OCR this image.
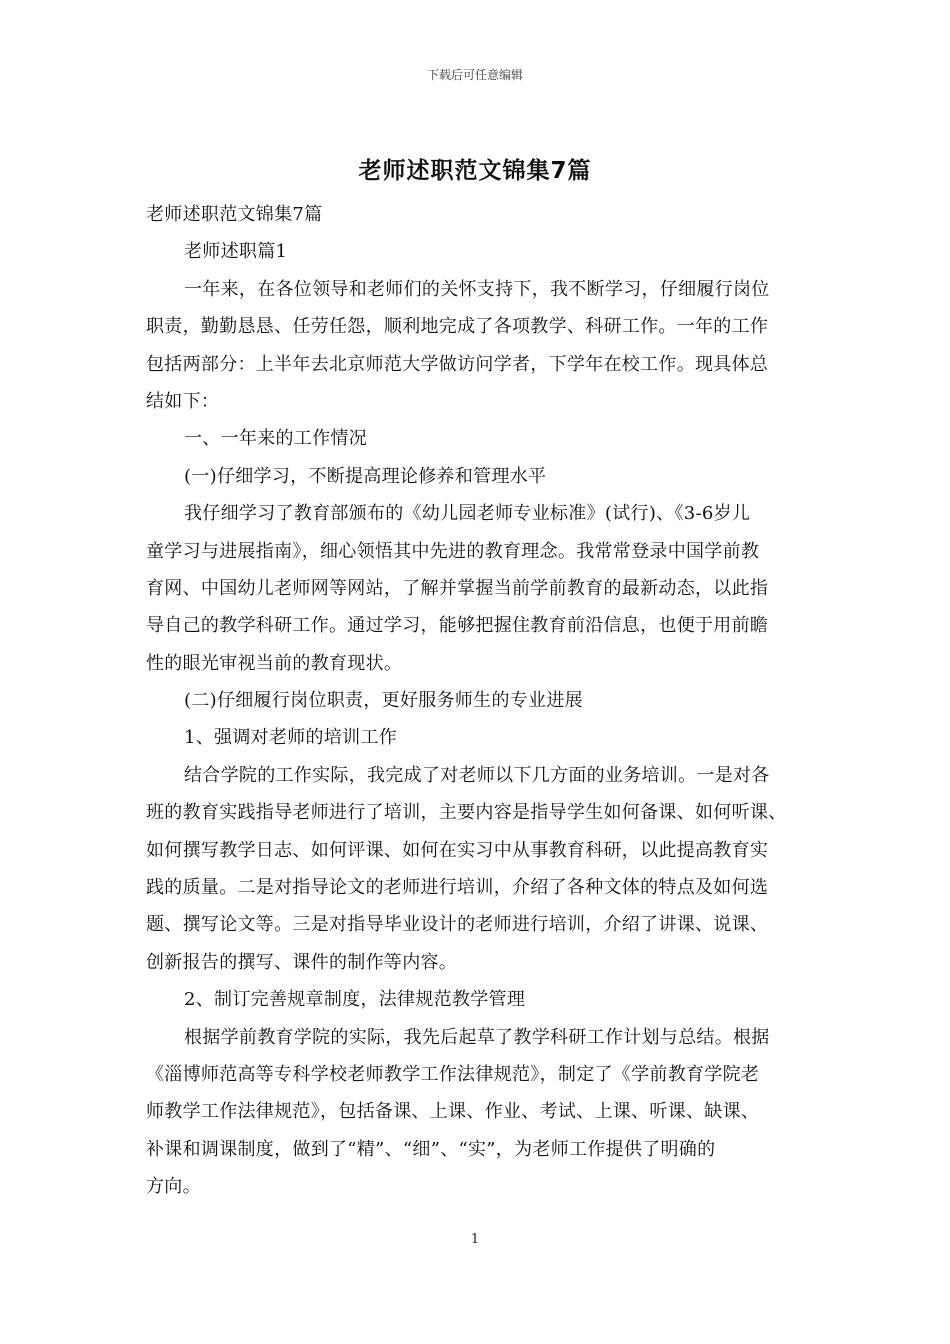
下载后可任意编辑
老师述职范文锦集7篇
老师述职范文锦集7篇
老师述职篇1
一年来，在各位领导和老师们的关怀支持下，我不断学习，仔细履行岗位
职责，勤勤恳恳、任劳任怨，顺利地完成了各项教学、科研工作。一年的工作
包括两部分：上半年去北京师范大学做访问学者，下学年在校工作。现具体总
结如下：
一、一年来的工作情况
(一)仔细学习，不断提高理论修养和管理水平
我仔细学习了教育部颁布的《幼儿园老师专业标准》(试行)、《3-6岁儿
童学习与进展指南》，细心领悟其中先进的教育理念。我常常登录中国学前教
育网、中国幼儿老师网等网站，了解并掌握当前学前教育的最新动态，以此指
导自己的教学科研工作。通过学习，能够把握住教育前沿信息，也便于用前瞻
性的眼光审视当前的教育现状。
(二)仔细履行岗位职责，更好服务师生的专业进展
1、强调对老师的培训工作
结合学院的工作实际，我完成了对老师以下几方面的业务培训。一是对各
班的教育实践指导老师进行了培训，主要内容是指导学生如何备课、如何听课、
如何撰写教学日志、如何评课、如何在实习中从事教育科研，以此提高教育实
践的质量。二是对指导论文的老师进行培训，介绍了各种文体的特点及如何选
题、撰写论文等。三是对指导毕业设计的老师进行培训，介绍了讲课、说课、
创新报告的撰写、课件的制作等内容。
2、制订完善规章制度，法律规范教学管理
根据学前教育学院的实际，我先后起草了教学科研工作计划与总结。根据
《淄博师范高等专科学校老师教学工作法律规范》，制定了《学前教育学院老
师教学工作法律规范》，包括备课、上课、作业、考试、上课、听课、缺课、
补课和调课制度，做到了“精”、“细”、“实”，为老师工作提供了明确的
方向。
1
